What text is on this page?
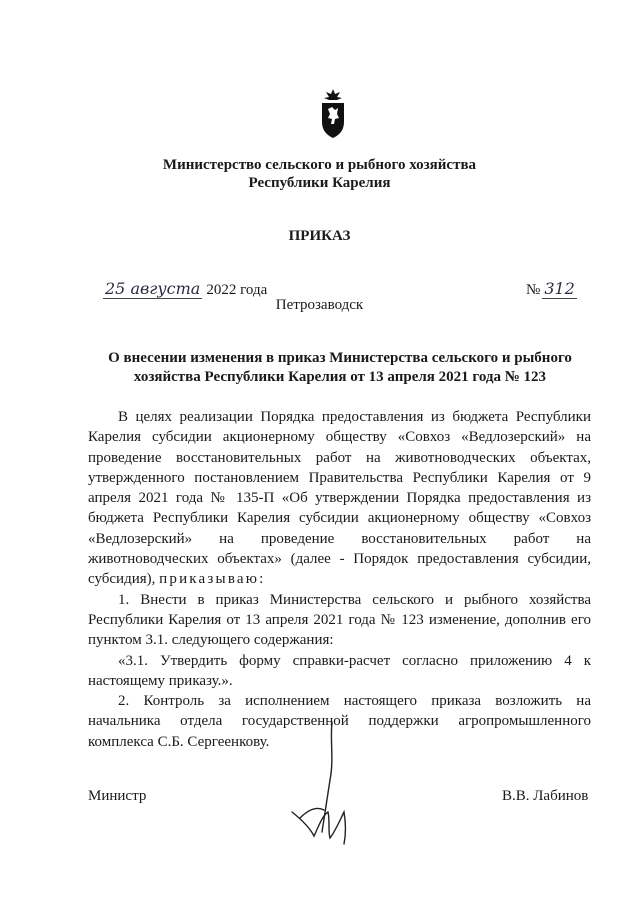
Министерство сельского и рыбного хозяйства
Республики Карелия
ПРИКАЗ
25 августа 2022 года	№ 312
Петрозаводск
О внесении изменения в приказ Министерства сельского и рыбного
хозяйства Республики Карелия от 13 апреля 2021 года № 123

В целях реализации Порядка предоставления из бюджета Республики Карелия субсидии акционерному обществу «Совхоз «Ведлозерский» на проведение восстановительных работ на животноводческих объектах, утвержденного постановлением Правительства Республики Карелия от 9 апреля 2021 года № 135-П «Об утверждении Порядка предоставления из бюджета Республики Карелия субсидии акционерному обществу «Совхоз «Ведлозерский» на проведение восстановительных работ на животноводческих объектах» (далее - Порядок предоставления субсидии, субсидия), приказываю:

1. Внести в приказ Министерства сельского и рыбного хозяйства Республики Карелия от 13 апреля 2021 года № 123 изменение, дополнив его пунктом 3.1. следующего содержания:

«3.1. Утвердить форму справки-расчет согласно приложению 4 к настоящему приказу.».

2. Контроль за исполнением настоящего приказа возложить на начальника отдела государственной поддержки агропромышленного комплекса С.Б. Сергеенкову.

Министр	В.В. Лабинов
